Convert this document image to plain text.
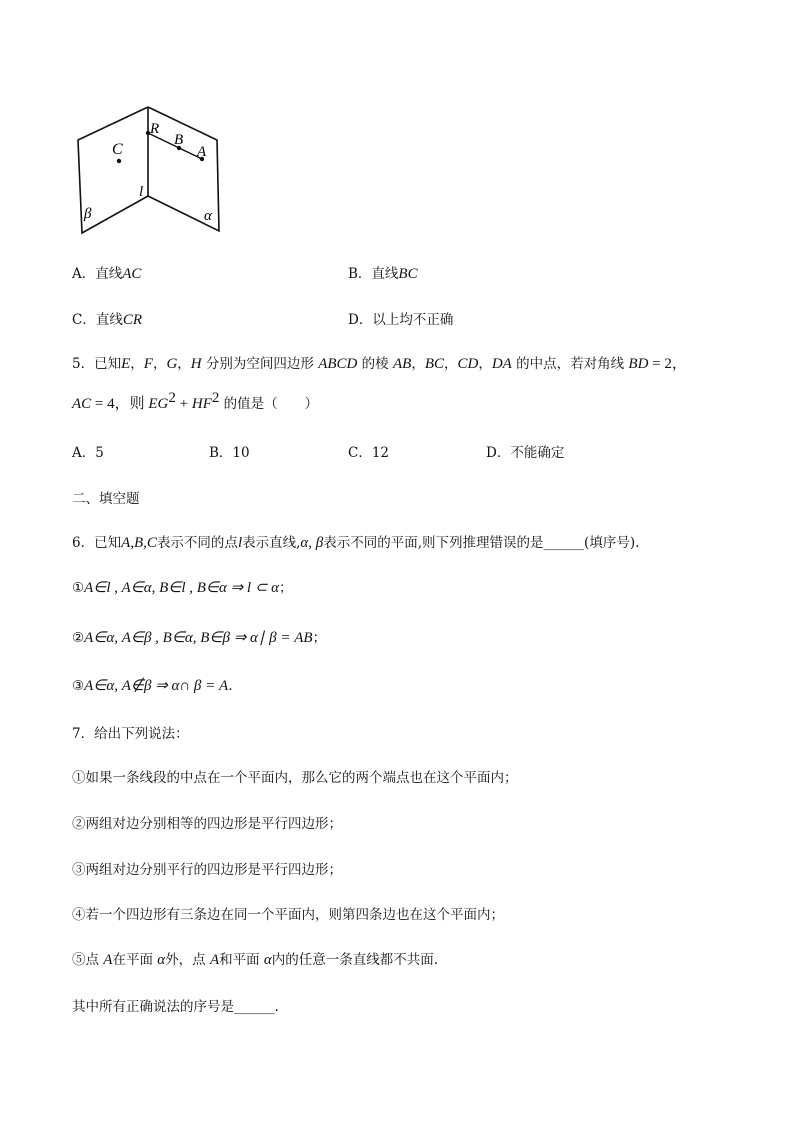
C
R
B
A
l
β	α
A．直线AC	B．直线BC
C．直线CR	D．以上均不正确
5．已知E，F，G，H 分别为空间四边形 ABCD 的棱 AB，BC，CD，DA 的中点，若对角线 BD = 2，
AC = 4，则 $EG^2 + HF^2$ 的值是（　　）
A．5	B．10	C．12	D．不能确定
二、填空题
6．已知A,B,C表示不同的点l表示直线,α, β表示不同的平面,则下列推理错误的是______(填序号).
①A∈l , A∈α, B∈l , B∈α ⇒ l ⊂ α；
②A∈α, A∈β , B∈α, B∈β ⇒ α∣ β = AB；
③A∈α, A∉β ⇒ α∩ β = A.
7．给出下列说法：
①如果一条线段的中点在一个平面内，那么它的两个端点也在这个平面内；
②两组对边分别相等的四边形是平行四边形；
③两组对边分别平行的四边形是平行四边形；
④若一个四边形有三条边在同一个平面内，则第四条边也在这个平面内；
⑤点 A在平面 α外，点 A和平面 α内的任意一条直线都不共面.
其中所有正确说法的序号是______.
